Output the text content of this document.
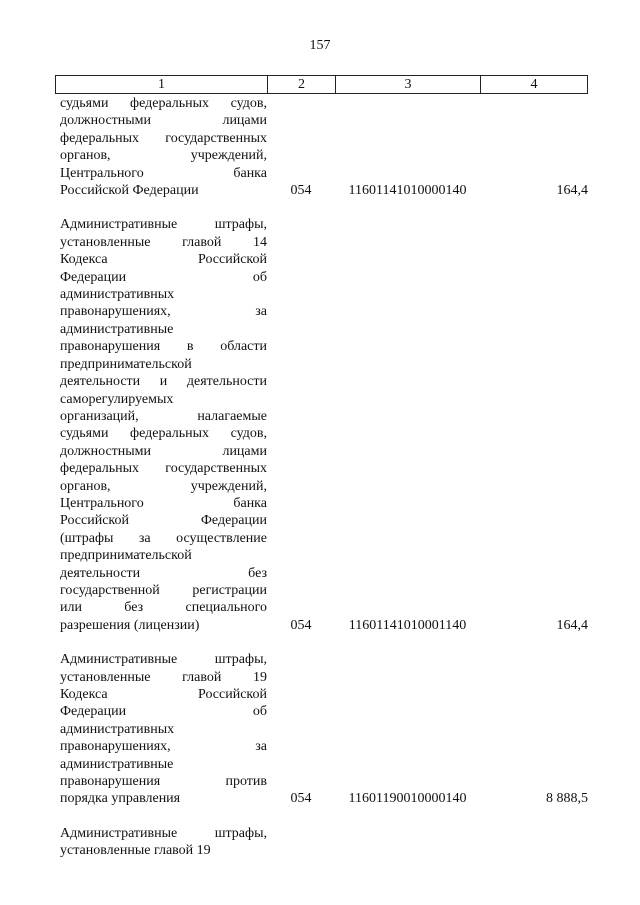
157
1	2	3	4
судьями федеральных судов,
должностными лицами
федеральных государственных
органов, учреждений,
Центрального банка
Российской Федерации	054	11601141010000140	164,4
Административные штрафы,
установленные главой 14
Кодекса Российской
Федерации об
административных
правонарушениях, за
административные
правонарушения в области
предпринимательской
деятельности и деятельности
саморегулируемых
организаций, налагаемые
судьями федеральных судов,
должностными лицами
федеральных государственных
органов, учреждений,
Центрального банка
Российской Федерации
(штрафы за осуществление
предпринимательской
деятельности без
государственной регистрации
или без специального
разрешения (лицензии)	054	11601141010001140	164,4
Административные штрафы,
установленные главой 19
Кодекса Российской
Федерации об
административных
правонарушениях, за
административные
правонарушения против
порядка управления	054	11601190010000140	8 888,5
Административные штрафы,
установленные главой 19
